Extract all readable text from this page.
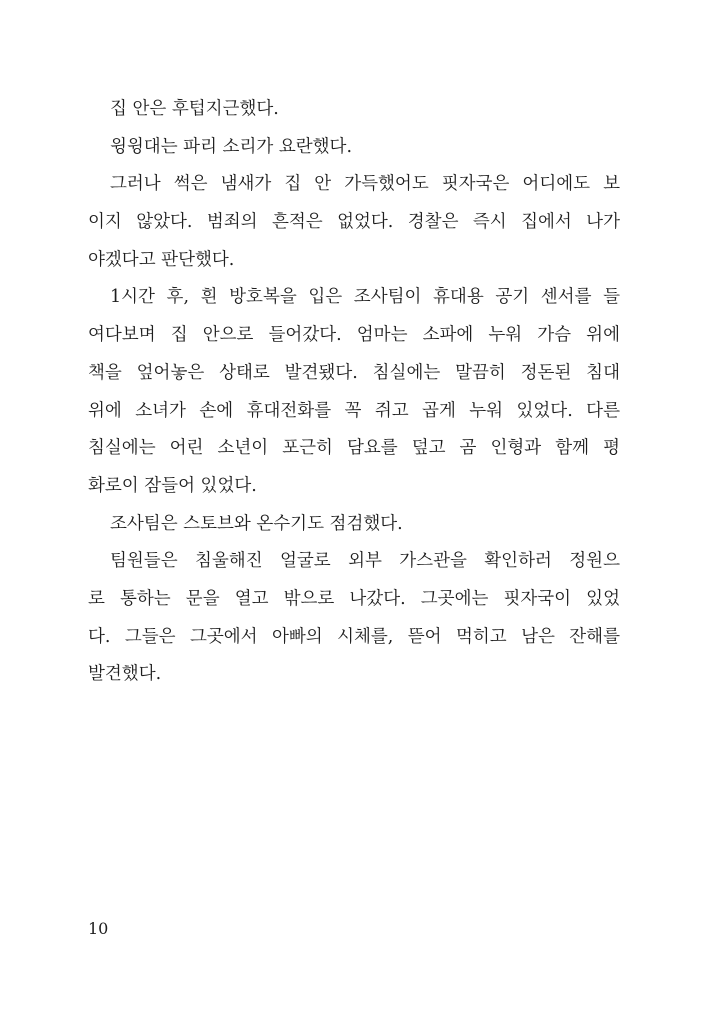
집 안은 후텁지근했다.
윙윙대는 파리 소리가 요란했다.
그러나 썩은 냄새가 집 안 가득했어도 핏자국은 어디에도 보
이지 않았다. 범죄의 흔적은 없었다. 경찰은 즉시 집에서 나가
야겠다고 판단했다.
1시간 후, 흰 방호복을 입은 조사팀이 휴대용 공기 센서를 들
여다보며 집 안으로 들어갔다. 엄마는 소파에 누워 가슴 위에
책을 엎어놓은 상태로 발견됐다. 침실에는 말끔히 정돈된 침대
위에 소녀가 손에 휴대전화를 꼭 쥐고 곱게 누워 있었다. 다른
침실에는 어린 소년이 포근히 담요를 덮고 곰 인형과 함께 평
화로이 잠들어 있었다.
조사팀은 스토브와 온수기도 점검했다.
팀원들은 침울해진 얼굴로 외부 가스관을 확인하러 정원으
로 통하는 문을 열고 밖으로 나갔다. 그곳에는 핏자국이 있었
다. 그들은 그곳에서 아빠의 시체를, 뜯어 먹히고 남은 잔해를
발견했다.
10
